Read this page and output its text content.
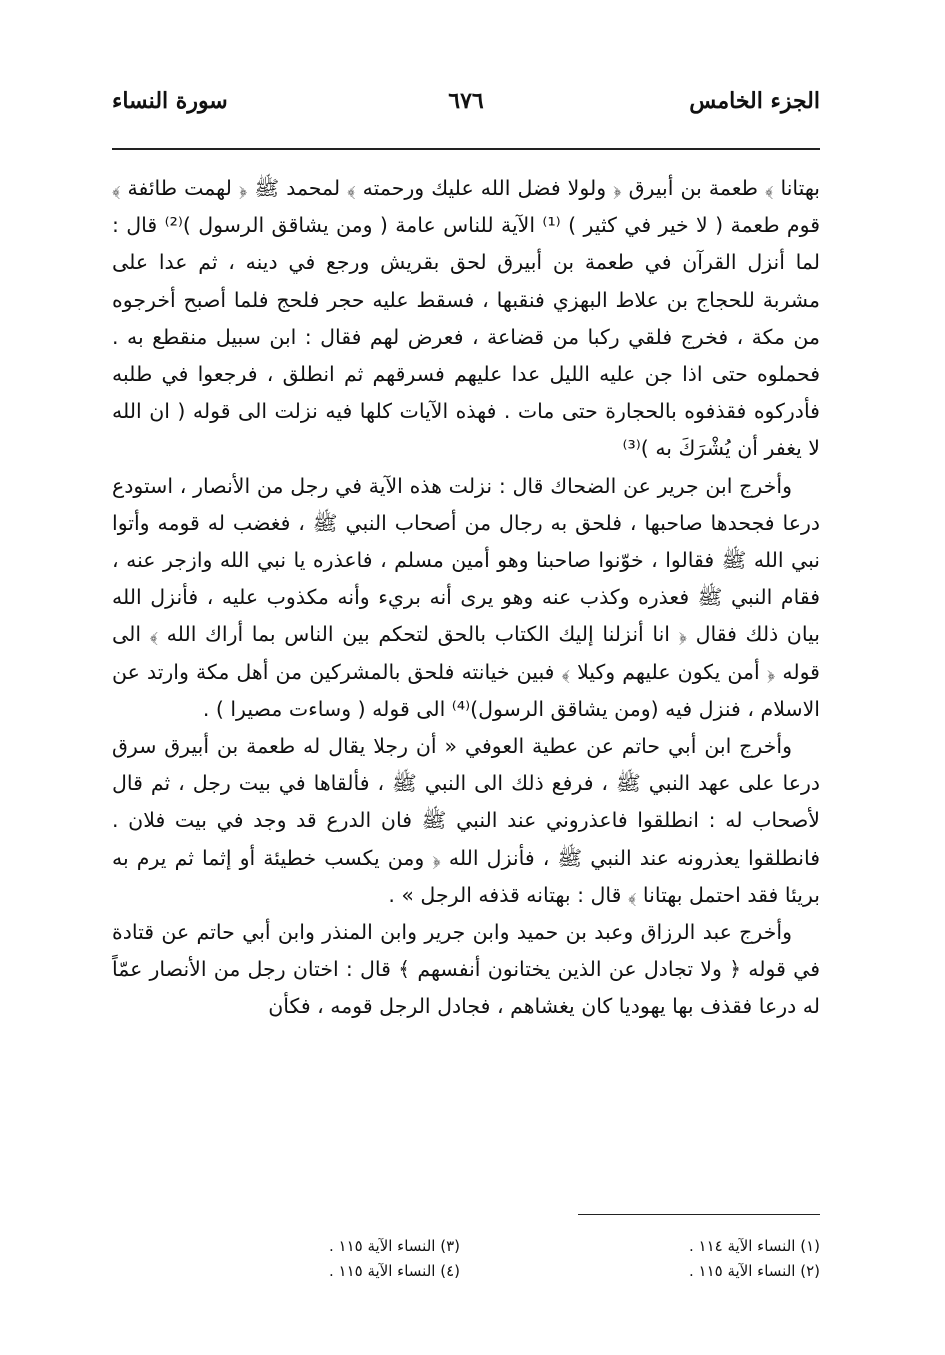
الجزء الخامس
٦٧٦
سورة النساء

بهتانا ﴾ طعمة بن أبيرق ﴿ ولولا فضل الله عليك ورحمته ﴾ لمحمد ﷺ ﴿ لهمت طائفة ﴾ قوم طعمة ( لا خير في كثير ) ⁽¹⁾ الآية للناس عامة ( ومن يشاقق الرسول )⁽²⁾ قال : لما أنزل القرآن في طعمة بن أبيرق لحق بقريش ورجع في دينه ، ثم عدا على مشربة للحجاج بن علاط البهزي فنقبها ، فسقط عليه حجر فلحج فلما أصبح أخرجوه من مكة ، فخرج فلقي ركبا من قضاعة ، فعرض لهم فقال : ابن سبيل منقطع به . فحملوه حتى اذا جن عليه الليل عدا عليهم فسرقهم ثم انطلق ، فرجعوا في طلبه فأدركوه فقذفوه بالحجارة حتى مات . فهذه الآيات كلها فيه نزلت الى قوله ( ان الله لا يغفر أن يُشْرَكَ به )⁽³⁾

وأخرج ابن جرير عن الضحاك قال : نزلت هذه الآية في رجل من الأنصار ، استودع درعا فجحدها صاحبها ، فلحق به رجال من أصحاب النبي ﷺ ، فغضب له قومه وأتوا نبي الله ﷺ فقالوا ، خوّنوا صاحبنا وهو أمين مسلم ، فاعذره يا نبي الله وازجر عنه ، فقام النبي ﷺ فعذره وكذب عنه وهو يرى أنه بريء وأنه مكذوب عليه ، فأنزل الله بيان ذلك فقال ﴿ انا أنزلنا إليك الكتاب بالحق لتحكم بين الناس بما أراك الله ﴾ الى قوله ﴿ أمن يكون عليهم وكيلا ﴾ فبين خيانته فلحق بالمشركين من أهل مكة وارتد عن الاسلام ، فنزل فيه (ومن يشاقق الرسول)⁽⁴⁾ الى قوله ( وساءت مصيرا ) .

وأخرج ابن أبي حاتم عن عطية العوفي « أن رجلا يقال له طعمة بن أبيرق سرق درعا على عهد النبي ﷺ ، فرفع ذلك الى النبي ﷺ ، فألقاها في بيت رجل ، ثم قال لأصحاب له : انطلقوا فاعذروني عند النبي ﷺ فان الدرع قد وجد في بيت فلان . فانطلقوا يعذرونه عند النبي ﷺ ، فأنزل الله ﴿ ومن يكسب خطيئة أو إثما ثم يرم به بريئا فقد احتمل بهتانا ﴾ قال : بهتانه قذفه الرجل » .

وأخرج عبد الرزاق وعبد بن حميد وابن جرير وابن المنذر وابن أبي حاتم عن قتادة في قوله ﴿ ولا تجادل عن الذين يختانون أنفسهم ﴾ قال : اختان رجل من الأنصار عمّاً له درعا فقذف بها يهوديا كان يغشاهم ، فجادل الرجل قومه ، فكأن

(١) النساء الآية ١١٤ .
(٢) النساء الآية ١١٥ .
(٣) النساء الآية ١١٥ .
(٤) النساء الآية ١١٥ .
